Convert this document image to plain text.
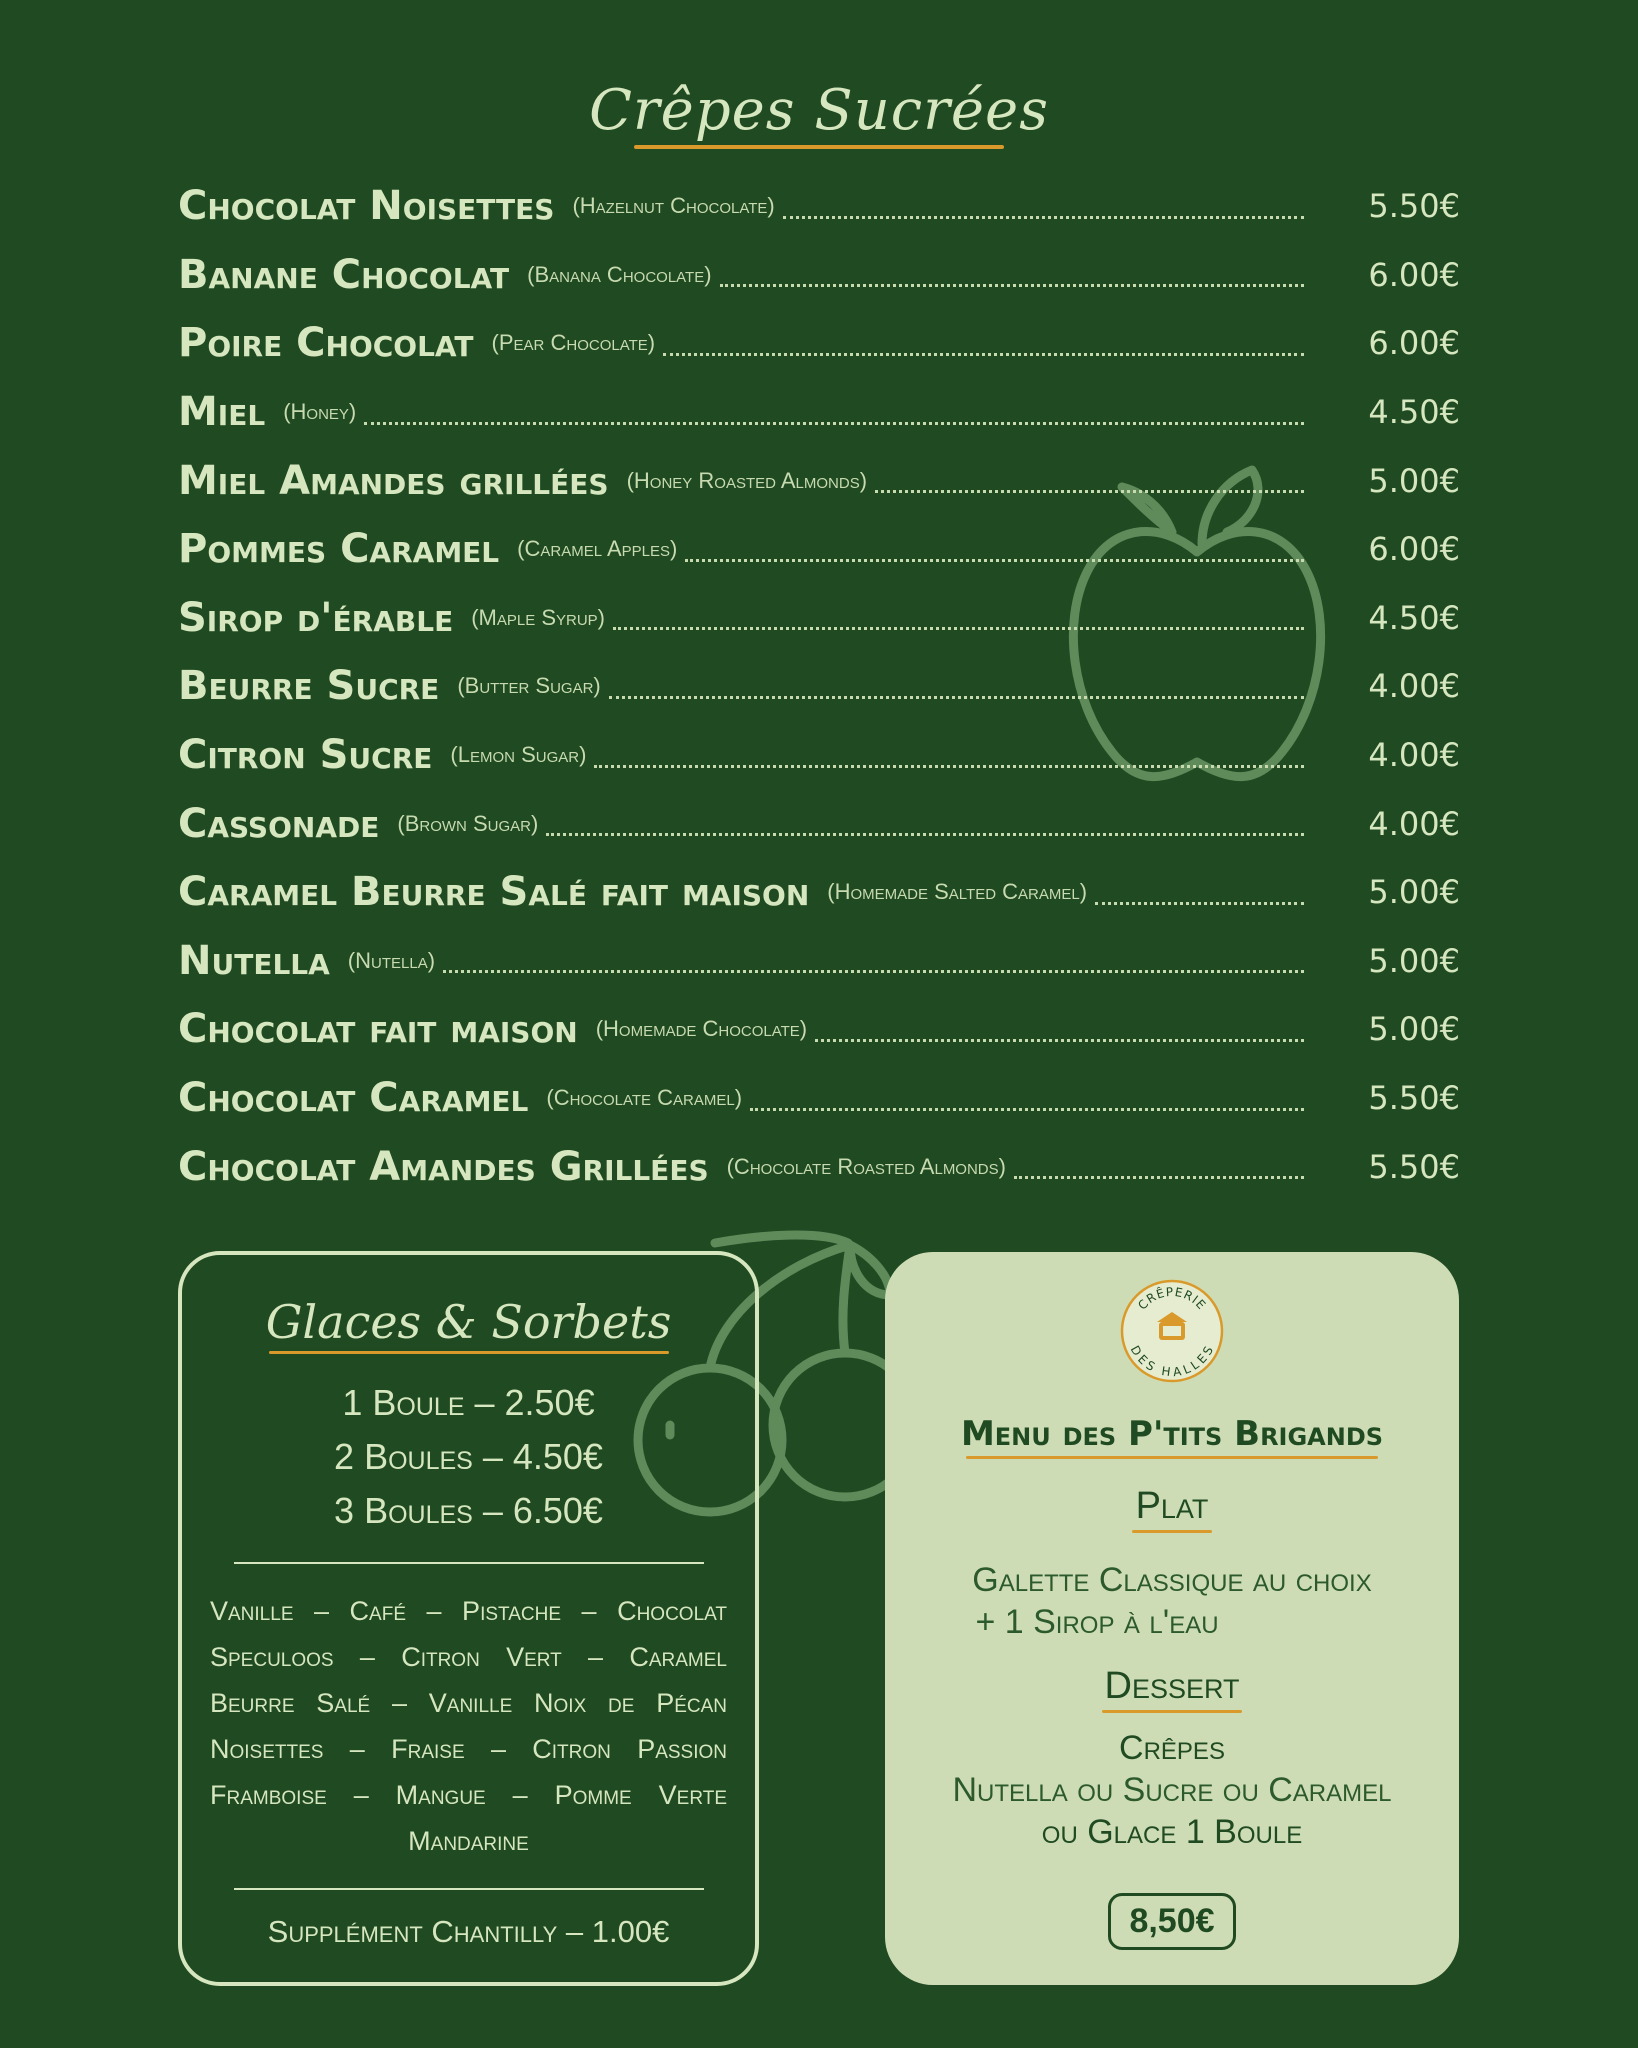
Crêpes Sucrées
Chocolat Noisettes (Hazelnut Chocolate)	5.50€
Banane Chocolat (Banana Chocolate)	6.00€
Poire Chocolat (Pear Chocolate)	6.00€
Miel (Honey)	4.50€
Miel Amandes grillées (Honey Roasted Almonds)	5.00€
Pommes Caramel (Caramel Apples)	6.00€
Sirop d'érable (Maple Syrup)	4.50€
Beurre Sucre (Butter Sugar)	4.00€
Citron Sucre (Lemon Sugar)	4.00€
Cassonade (Brown Sugar)	4.00€
Caramel Beurre Salé fait maison (Homemade Salted Caramel)	5.00€
Nutella (Nutella)	5.00€
Chocolat fait maison (Homemade Chocolate)	5.00€
Chocolat Caramel (Chocolate Caramel)	5.50€
Chocolat Amandes Grillées (Chocolate Roasted Almonds)	5.50€
Glaces & Sorbets
1 Boule – 2.50€
2 Boules – 4.50€
3 Boules – 6.50€
Vanille – Café – Pistache – Chocolat
Speculoos – Citron Vert – Caramel
Beurre Salé – Vanille Noix de Pécan
Noisettes – Fraise – Citron Passion
Framboise – Mangue – Pomme Verte
Mandarine
Supplément Chantilly – 1.00€
CRÊPERIE
DES HALLES
Menu des P'tits Brigands
Plat
Galette Classique au choix
+ 1 Sirop à l'eau
Dessert
Crêpes
Nutella ou Sucre ou Caramel
ou Glace 1 Boule
8,50€
